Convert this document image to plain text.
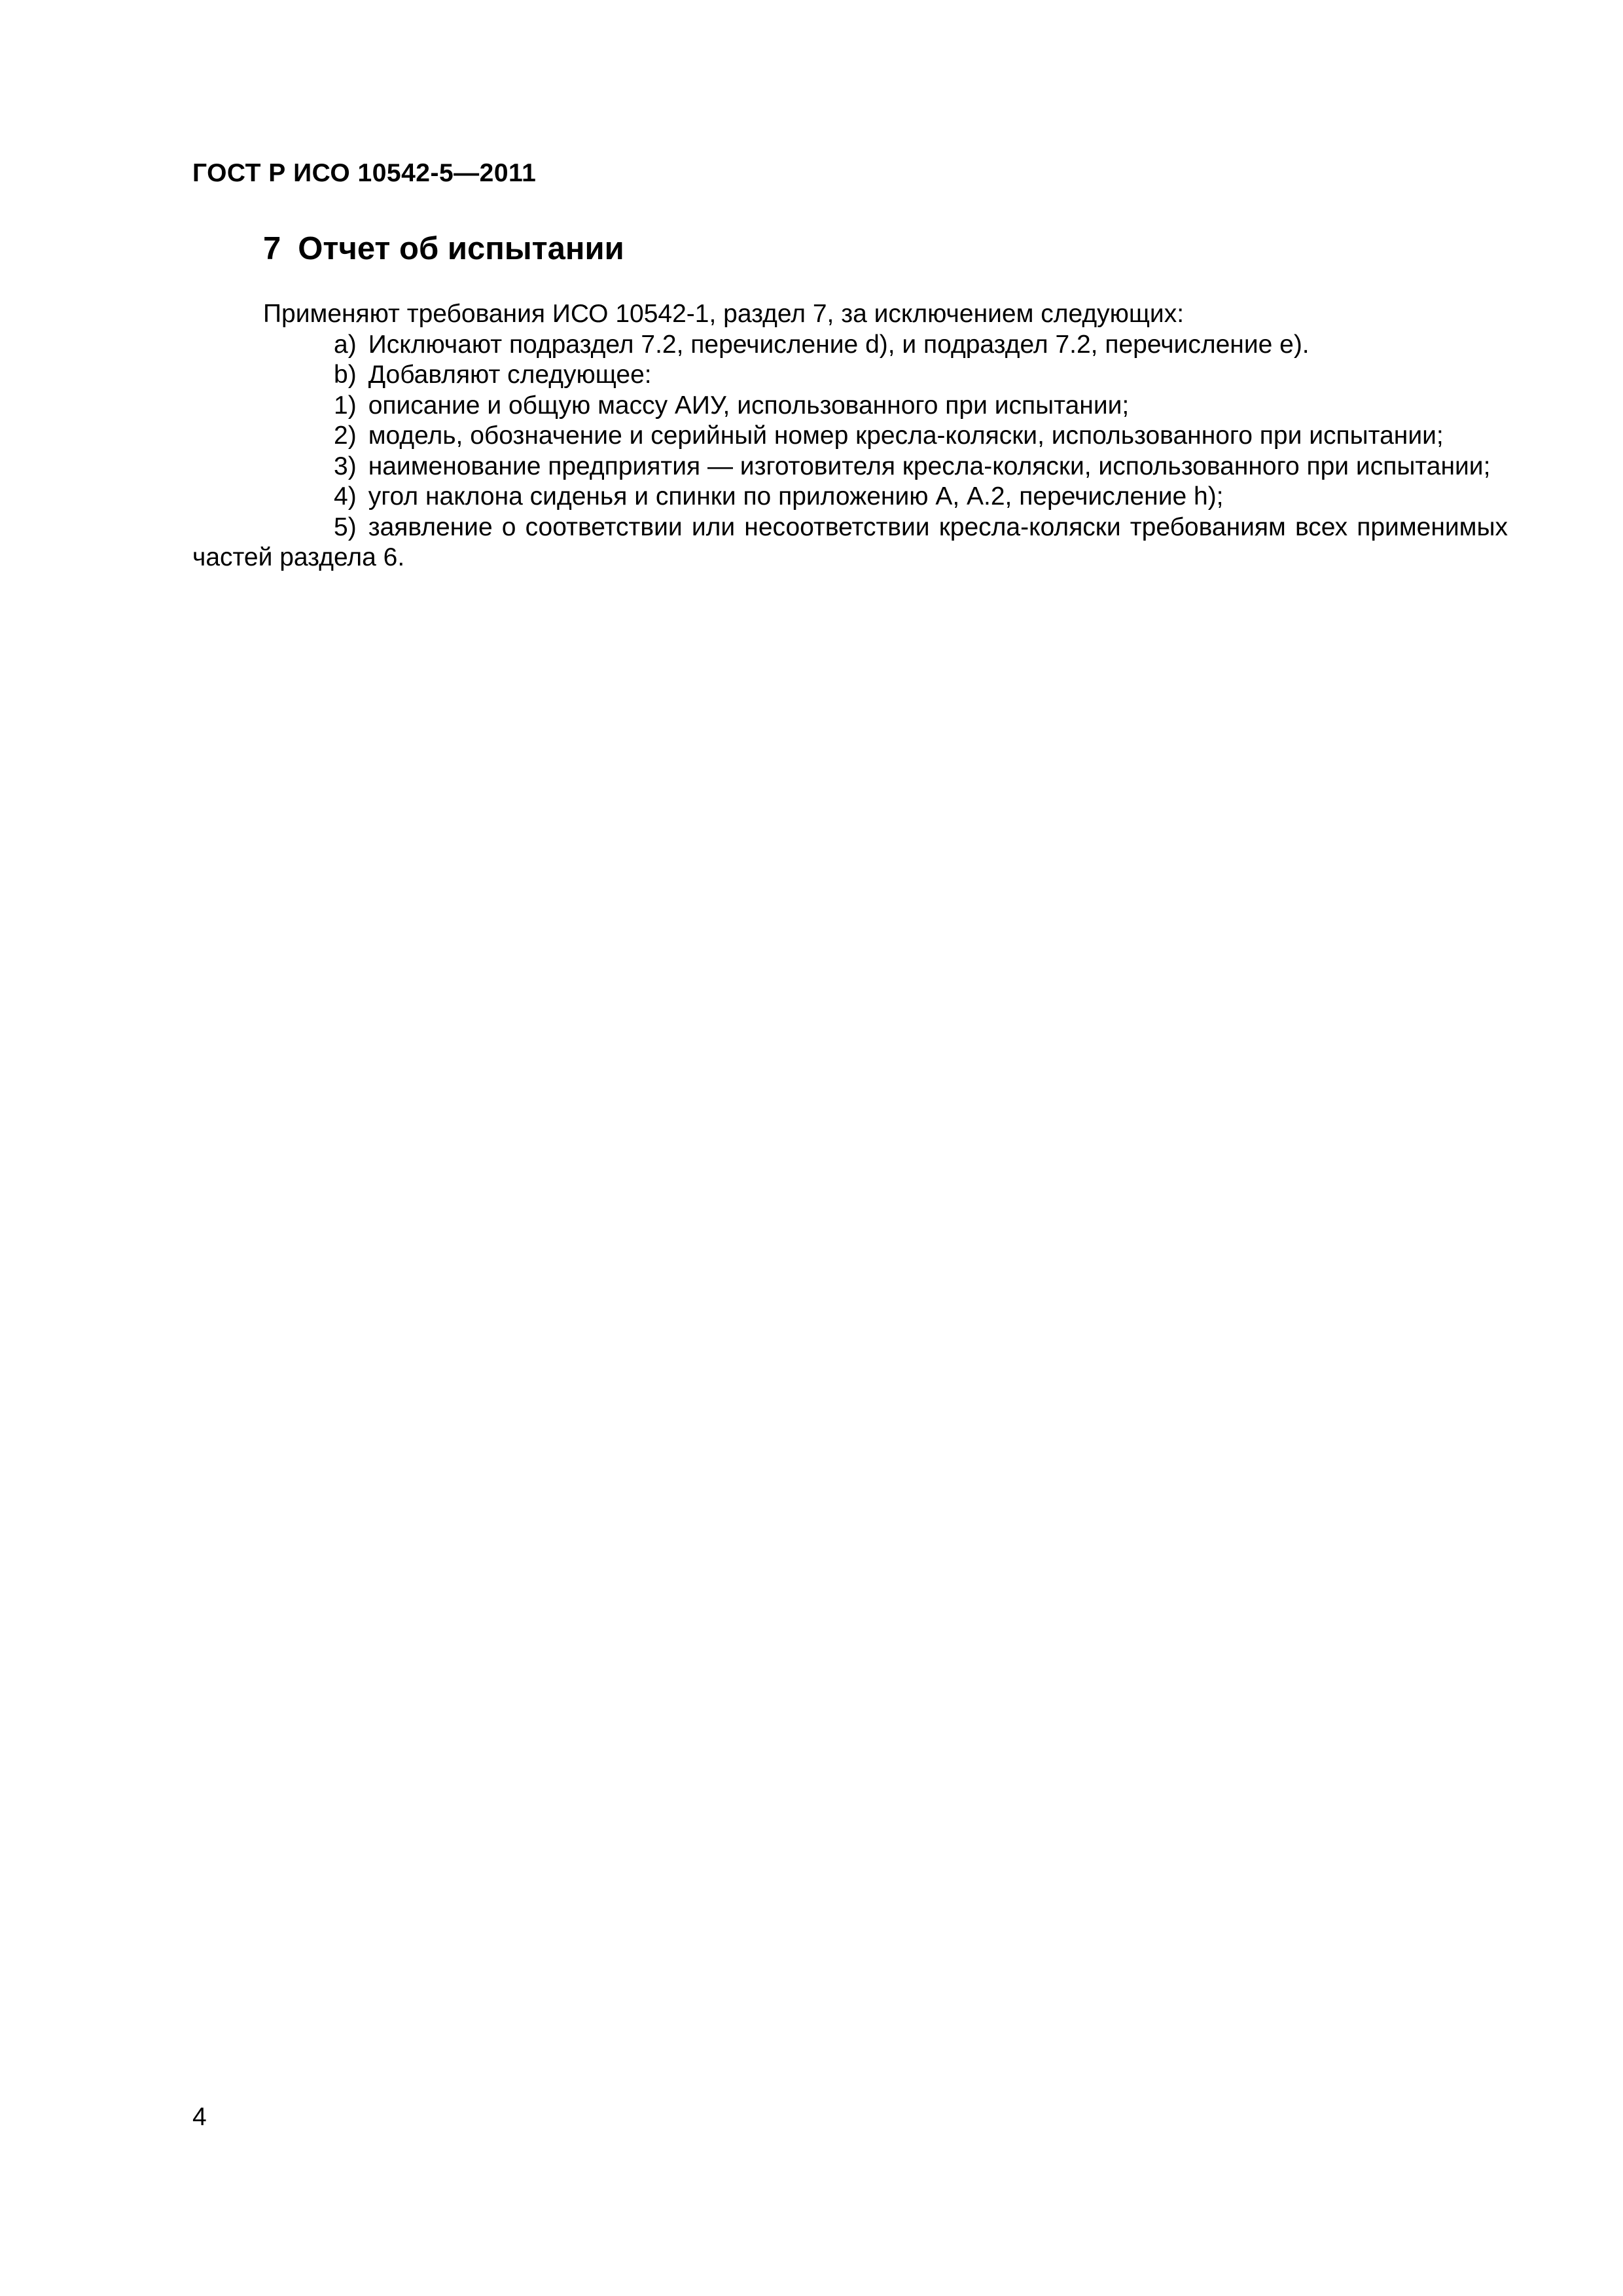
ГОСТ Р ИСО 10542-5—2011
7 Отчет об испытании

Применяют требования ИСО 10542-1, раздел 7, за исключением следующих:

a) Исключают подраздел 7.2, перечисление d), и подраздел 7.2, перечисление е).

b) Добавляют следующее:

1) описание и общую массу АИУ, использованного при испытании;

2) модель, обозначение и серийный номер кресла-коляски, использованного при испытании;

3) наименование предприятия — изготовителя кресла-коляски, использованного при испытании;

4) угол наклона сиденья и спинки по приложению А, А.2, перечисление h);

5) заявление о соответствии или несоответствии кресла-коляски требованиям всех применимых частей раздела 6.

4
